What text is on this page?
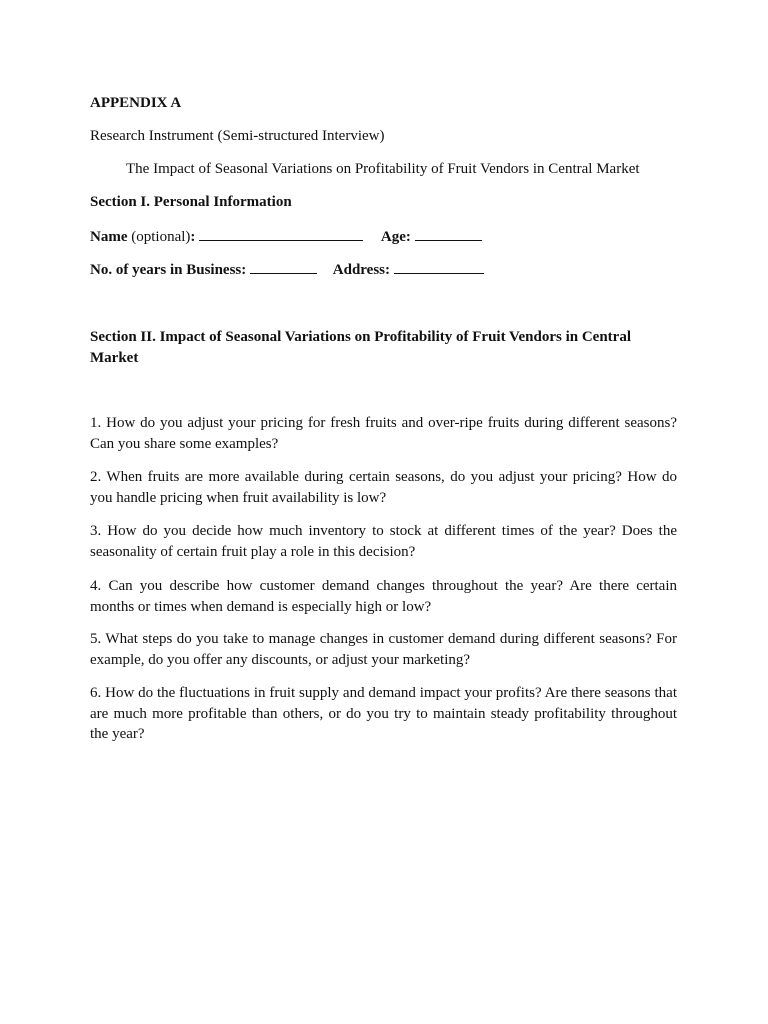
APPENDIX A
Research Instrument (Semi-structured Interview)
The Impact of Seasonal Variations on Profitability of Fruit Vendors in Central Market
Section I. Personal Information
Name (optional):	Age:
No. of years in Business:	Address:
Section II. Impact of Seasonal Variations on Profitability of Fruit Vendors in Central Market
1. How do you adjust your pricing for fresh fruits and over-ripe fruits during different seasons? Can you share some examples?
2. When fruits are more available during certain seasons, do you adjust your pricing? How do you handle pricing when fruit availability is low?
3. How do you decide how much inventory to stock at different times of the year? Does the seasonality of certain fruit play a role in this decision?
4. Can you describe how customer demand changes throughout the year? Are there certain months or times when demand is especially high or low?
5. What steps do you take to manage changes in customer demand during different seasons? For example, do you offer any discounts, or adjust your marketing?
6. How do the fluctuations in fruit supply and demand impact your profits? Are there seasons that are much more profitable than others, or do you try to maintain steady profitability throughout the year?
